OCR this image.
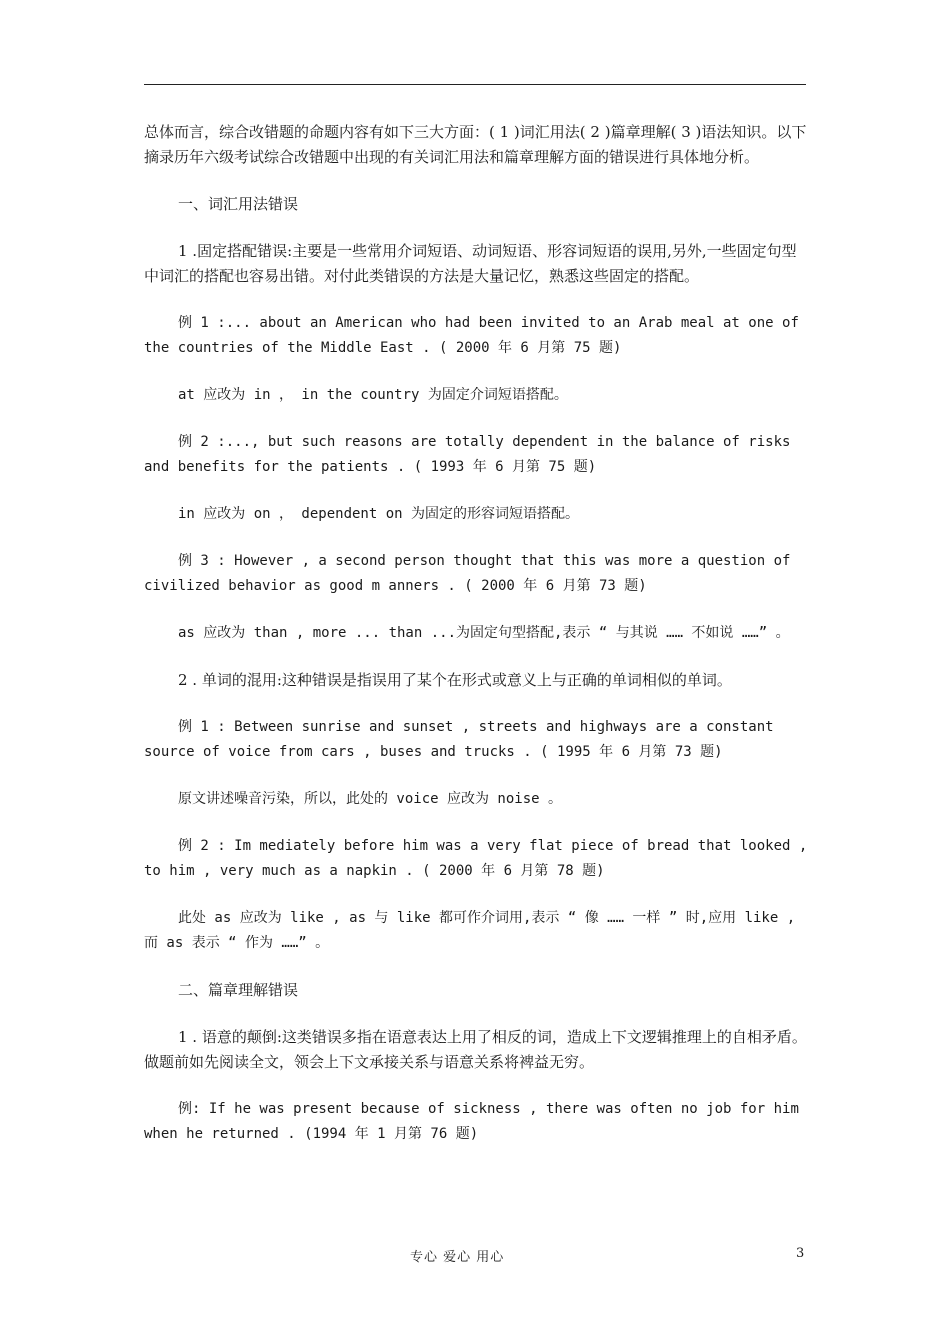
总体而言，综合改错题的命题内容有如下三大方面：( 1 )词汇用法( 2 )篇章理解( 3 )语法知识。以下摘录历年六级考试综合改错题中出现的有关词汇用法和篇章理解方面的错误进行具体地分析。

一、词汇用法错误

1 .固定搭配错误:主要是一些常用介词短语、动词短语、形容词短语的误用,另外,一些固定句型中词汇的搭配也容易出错。对付此类错误的方法是大量记忆，熟悉这些固定的搭配。

例 1 :... about an American who had been invited to an Arab meal at one of the countries of the Middle East . ( 2000 年 6 月第 75 题)

at 应改为 in ， in the country 为固定介词短语搭配。

例 2 :..., but such reasons are totally dependent in the balance of risks and benefits for the patients . ( 1993 年 6 月第 75 题)

in 应改为 on ， dependent on 为固定的形容词短语搭配。

例 3 : However , a second person thought that this was more a question of civilized behavior as good m anners . ( 2000 年 6 月第 73 题)

as 应改为 than , more ... than ...为固定句型搭配,表示 “ 与其说 …… 不如说 ……” 。

2 . 单词的混用:这种错误是指误用了某个在形式或意义上与正确的单词相似的单词。

例 1 : Between sunrise and sunset , streets and highways are a constant source of voice from cars , buses and trucks . ( 1995 年 6 月第 73 题)

原文讲述噪音污染，所以，此处的 voice 应改为 noise 。

例 2 : Im mediately before him was a very flat piece of bread that looked , to him , very much as a napkin . ( 2000 年 6 月第 78 题)

此处 as 应改为 like , as 与 like 都可作介词用,表示 “ 像 …… 一样 ” 时,应用 like ,而 as 表示 “ 作为 ……” 。

二、篇章理解错误

1 . 语意的颠倒:这类错误多指在语意表达上用了相反的词，造成上下文逻辑推理上的自相矛盾。做题前如先阅读全文，领会上下文承接关系与语意关系将裨益无穷。

例: If he was present because of sickness , there was often no job for him when he returned . (1994 年 1 月第 76 题)

专心 爱心 用心	3
